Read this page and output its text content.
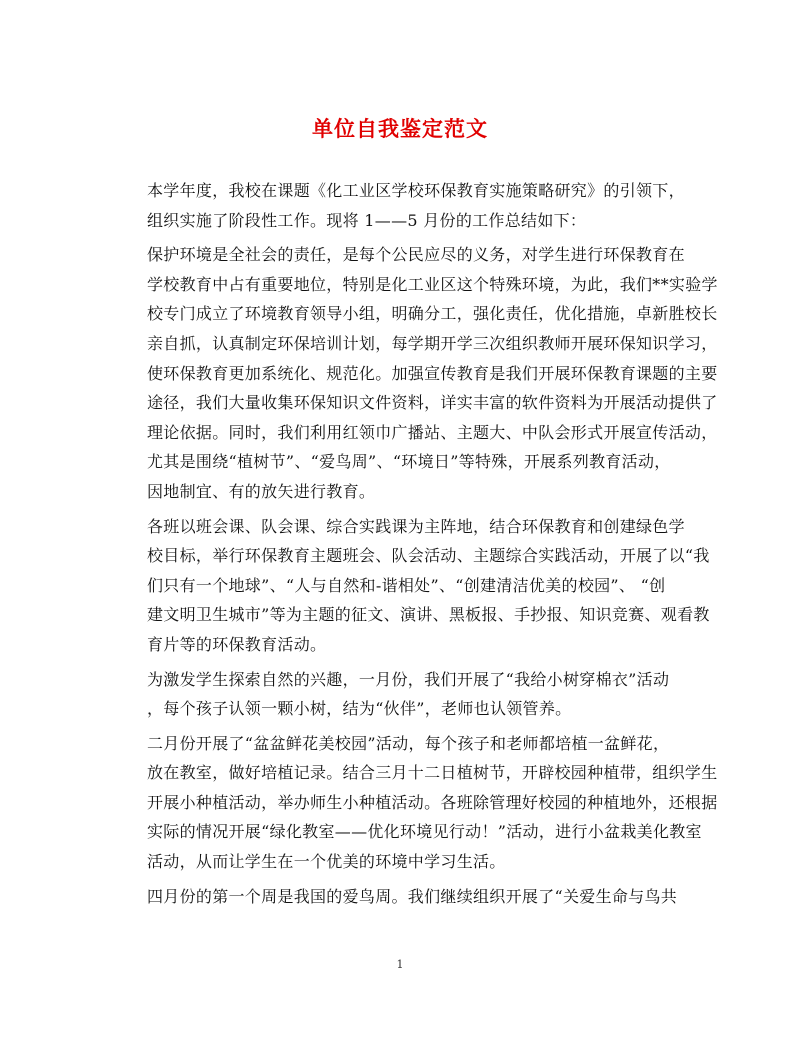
单位自我鉴定范文
本学年度，我校在课题《化工业区学校环保教育实施策略研究》的引领下，
组织实施了阶段性工作。现将 1——5 月份的工作总结如下：
保护环境是全社会的责任，是每个公民应尽的义务，对学生进行环保教育在
学校教育中占有重要地位，特别是化工业区这个特殊环境，为此，我们**实验学
校专门成立了环境教育领导小组，明确分工，强化责任，优化措施，卓新胜校长
亲自抓，认真制定环保培训计划，每学期开学三次组织教师开展环保知识学习，
使环保教育更加系统化、规范化。加强宣传教育是我们开展环保教育课题的主要
途径，我们大量收集环保知识文件资料，详实丰富的软件资料为开展活动提供了
理论依据。同时，我们利用红领巾广播站、主题大、中队会形式开展宣传活动，
尤其是围绕“植树节”、“爱鸟周”、“环境日”等特殊，开展系列教育活动，
因地制宜、有的放矢进行教育。
各班以班会课、队会课、综合实践课为主阵地，结合环保教育和创建绿色学
校目标，举行环保教育主题班会、队会活动、主题综合实践活动，开展了以“我
们只有一个地球”、“人与自然和-谐相处”、“创建清洁优美的校园”、 “创
建文明卫生城市”等为主题的征文、演讲、黑板报、手抄报、知识竞赛、观看教
育片等的环保教育活动。
为激发学生探索自然的兴趣，一月份，我们开展了“我给小树穿棉衣”活动
，每个孩子认领一颗小树，结为“伙伴”，老师也认领管养。
二月份开展了“盆盆鲜花美校园”活动，每个孩子和老师都培植一盆鲜花，
放在教室，做好培植记录。结合三月十二日植树节，开辟校园种植带，组织学生
开展小种植活动，举办师生小种植活动。各班除管理好校园的种植地外，还根据
实际的情况开展“绿化教室——优化环境见行动！”活动，进行小盆栽美化教室
活动，从而让学生在一个优美的环境中学习生活。
四月份的第一个周是我国的爱鸟周。我们继续组织开展了“关爱生命与鸟共
1
